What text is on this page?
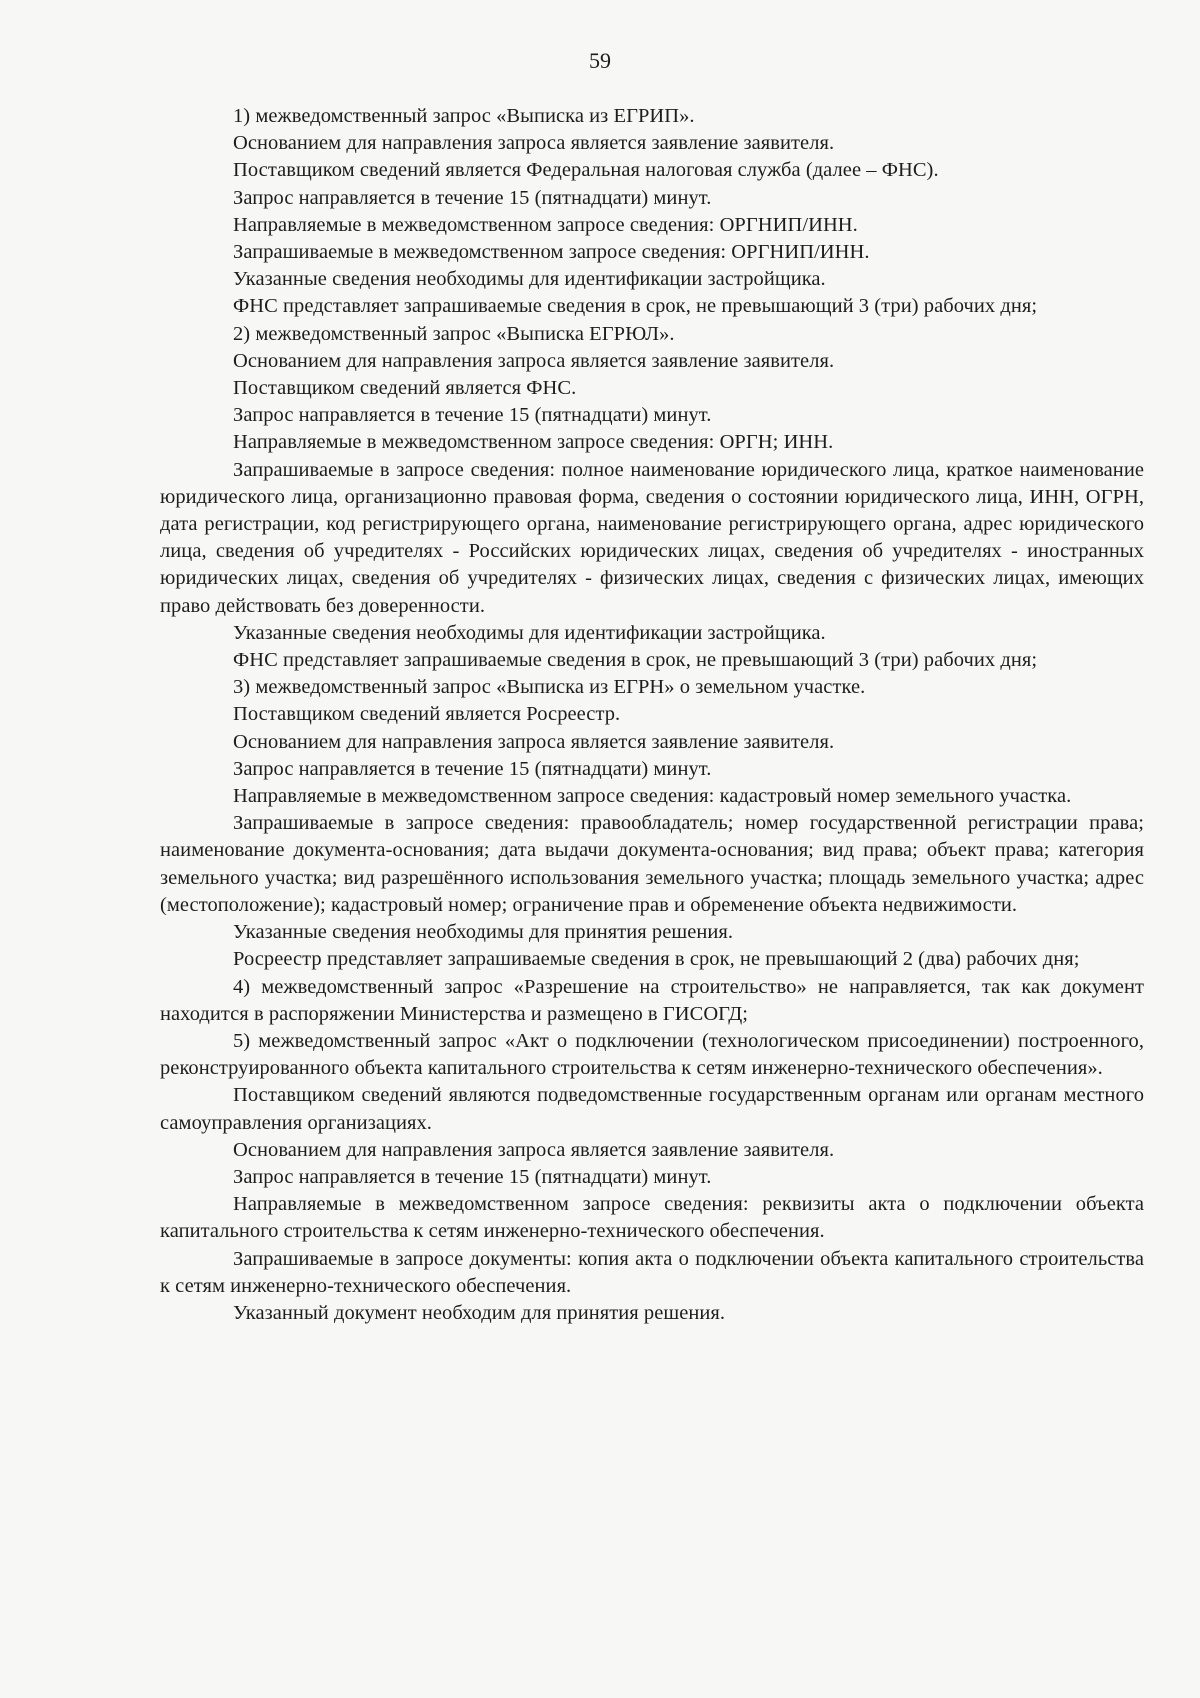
59

1) межведомственный запрос «Выписка из ЕГРИП».

Основанием для направления запроса является заявление заявителя.

Поставщиком сведений является Федеральная налоговая служба (далее – ФНС).

Запрос направляется в течение 15 (пятнадцати) минут.

Направляемые в межведомственном запросе сведения: ОРГНИП/ИНН.

Запрашиваемые в межведомственном запросе сведения: ОРГНИП/ИНН.

Указанные сведения необходимы для идентификации застройщика.

ФНС представляет запрашиваемые сведения в срок, не превышающий 3 (три) рабочих дня;

2) межведомственный запрос «Выписка ЕГРЮЛ».

Основанием для направления запроса является заявление заявителя.

Поставщиком сведений является ФНС.

Запрос направляется в течение 15 (пятнадцати) минут.

Направляемые в межведомственном запросе сведения: ОРГН; ИНН.

Запрашиваемые в запросе сведения: полное наименование юридического лица, краткое наименование юридического лица, организационно правовая форма, сведения о состоянии юридического лица, ИНН, ОГРН, дата регистрации, код регистрирующего органа, наименование регистрирующего органа, адрес юридического лица, сведения об учредителях - Российских юридических лицах, сведения об учредителях - иностранных юридических лицах, сведения об учредителях - физических лицах, сведения с физических лицах, имеющих право действовать без доверенности.

Указанные сведения необходимы для идентификации застройщика.

ФНС представляет запрашиваемые сведения в срок, не превышающий 3 (три) рабочих дня;

3) межведомственный запрос «Выписка из ЕГРН» о земельном участке.

Поставщиком сведений является Росреестр.

Основанием для направления запроса является заявление заявителя.

Запрос направляется в течение 15 (пятнадцати) минут.

Направляемые в межведомственном запросе сведения: кадастровый номер земельного участка.

Запрашиваемые в запросе сведения: правообладатель; номер государственной регистрации права; наименование документа-основания; дата выдачи документа-основания; вид права; объект права; категория земельного участка; вид разрешённого использования земельного участка; площадь земельного участка; адрес (местоположение); кадастровый номер; ограничение прав и обременение объекта недвижимости.

Указанные сведения необходимы для принятия решения.

Росреестр представляет запрашиваемые сведения в срок, не превышающий 2 (два) рабочих дня;

4) межведомственный запрос «Разрешение на строительство» не направляется, так как документ находится в распоряжении Министерства и размещено в ГИСОГД;

5) межведомственный запрос «Акт о подключении (технологическом присоединении) построенного, реконструированного объекта капитального строительства к сетям инженерно-технического обеспечения».

Поставщиком сведений являются подведомственные государственным органам или органам местного самоуправления организациях.

Основанием для направления запроса является заявление заявителя.

Запрос направляется в течение 15 (пятнадцати) минут.

Направляемые в межведомственном запросе сведения: реквизиты акта о подключении объекта капитального строительства к сетям инженерно-технического обеспечения.

Запрашиваемые в запросе документы: копия акта о подключении объекта капитального строительства к сетям инженерно-технического обеспечения.

Указанный документ необходим для принятия решения.
